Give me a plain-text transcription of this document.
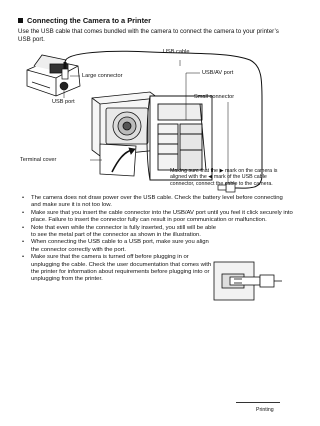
Connecting the Camera to a Printer
Use the USB cable that comes bundled with the camera to connect the camera to your printer’s USB port.
USB cable
Large connector	USB/AV port
USB port
Small connector
Terminal cover
Making sure that the ▶ mark on the camera is aligned with the ◀ mark of the USB cable connector, connect the cable to the camera.
• The camera does not draw power over the USB cable. Check the battery level before connecting and make sure it is not too low.
• Make sure that you insert the cable connector into the USB/AV port until you feel it click securely into place. Failure to insert the connector fully can result in poor communication or malfunction.
• Note that even while the connector is fully inserted, you still will be able to see the metal part of the connector as shown in the illustration.
• When connecting the USB cable to a USB port, make sure you align the connector correctly with the port.
• Make sure that the camera is turned off before plugging in or unplugging the cable. Check the user documentation that comes with the printer for information about requirements before plugging into or unplugging from the printer.
Printing
